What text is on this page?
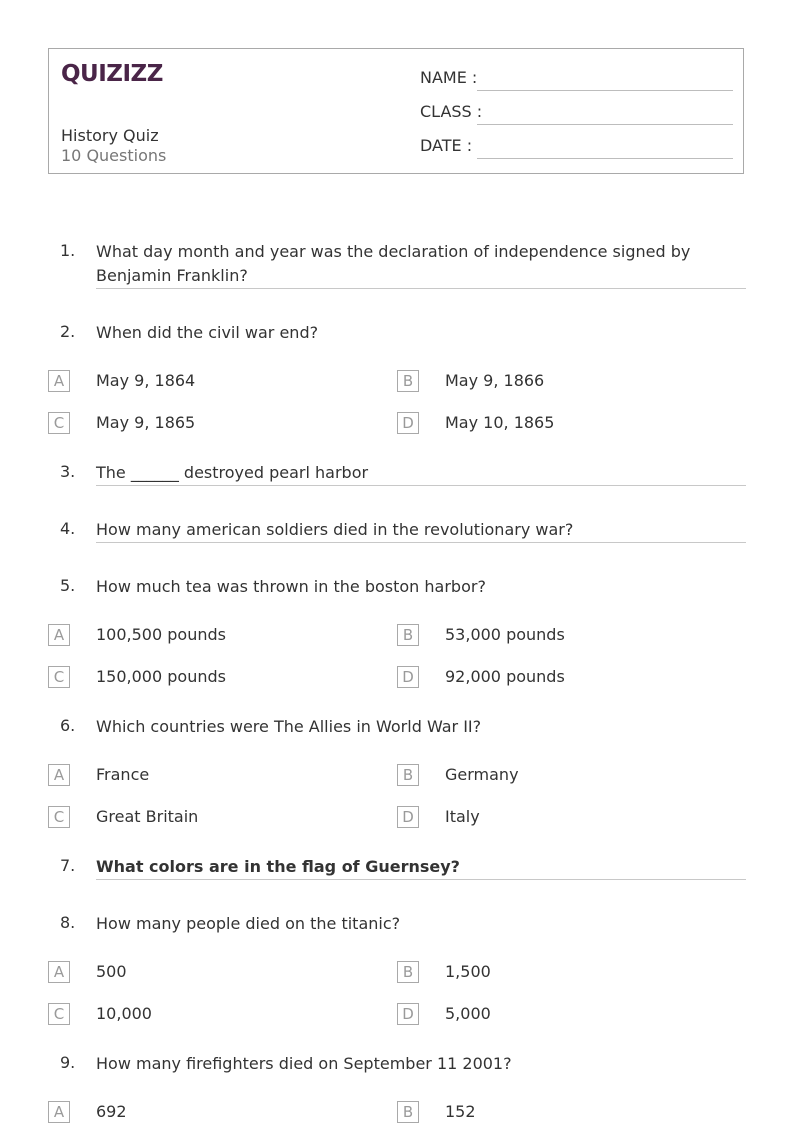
QUIZIZZ
History Quiz
10 Questions
NAME :
CLASS :
DATE :
1. What day month and year was the declaration of independence signed by Benjamin Franklin?
2. When did the civil war end?
A	May 9, 1864	B	May 9, 1866
C	May 9, 1865	D	May 10, 1865
3. The ______ destroyed pearl harbor
4. How many american soldiers died in the revolutionary war?
5. How much tea was thrown in the boston harbor?
A	100,500 pounds	B	53,000 pounds
C	150,000 pounds	D	92,000 pounds
6. Which countries were The Allies in World War II?
A	France	B	Germany
C	Great Britain	D	Italy
7. What colors are in the flag of Guernsey?
8. How many people died on the titanic?
A	500	B	1,500
C	10,000	D	5,000
9. How many firefighters died on September 11 2001?
A	692	B	152
